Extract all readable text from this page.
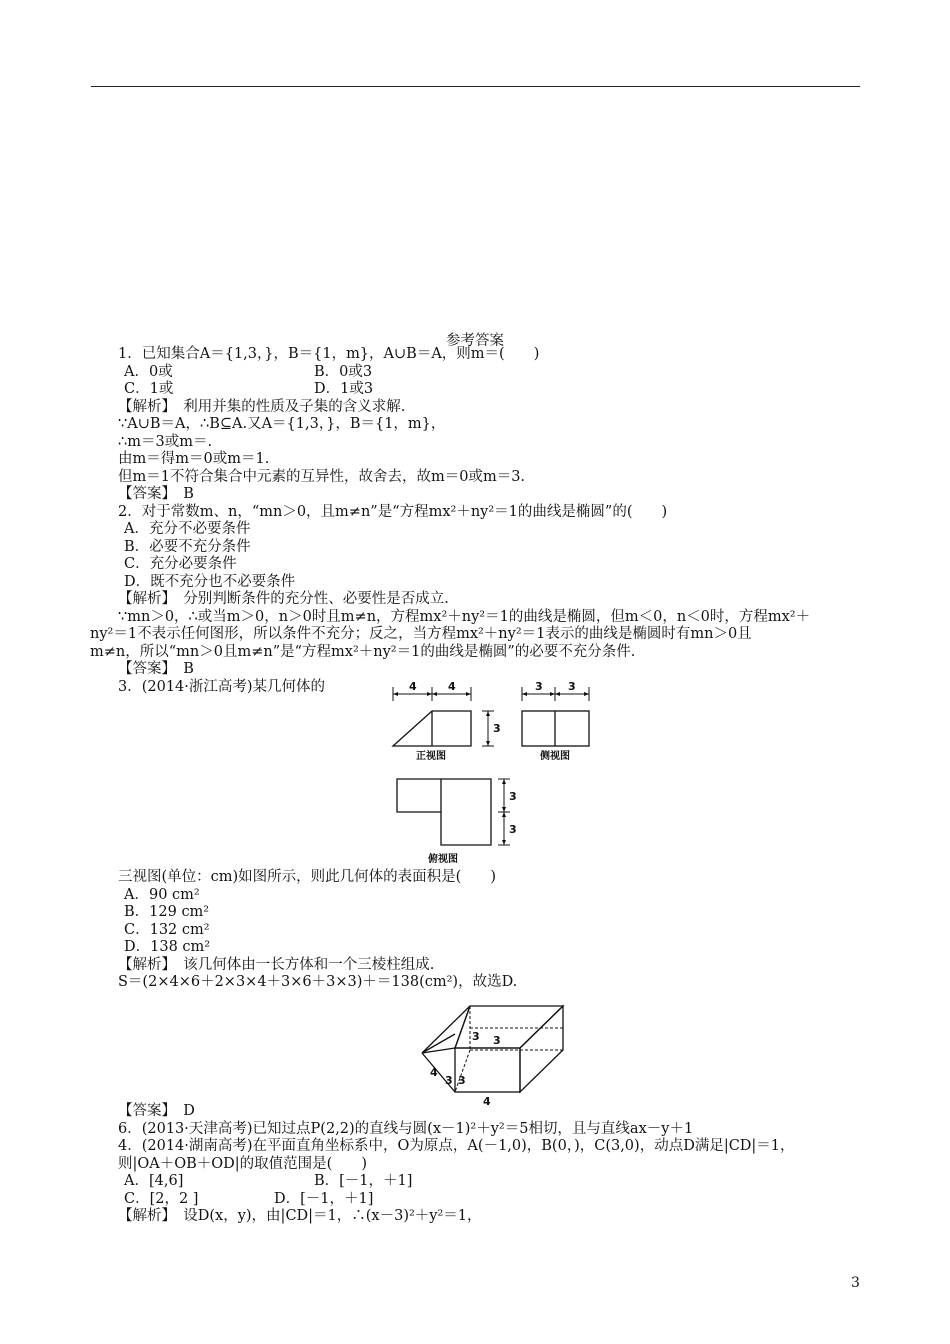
参考答案
1．已知集合A＝{1,3，}，B＝{1，m}，A∪B＝A，则m＝(　　)
A．0或	B．0或3
C．1或	D．1或3
【解析】　利用并集的性质及子集的含义求解.
∵A∪B＝A，∴B⊆A.又A＝{1,3，}，B＝{1，m}，
∴m＝3或m＝.
由m＝得m＝0或m＝1.
但m＝1不符合集合中元素的互异性，故舍去，故m＝0或m＝3.
【答案】　B
2．对于常数m、n，“mn＞0，且m≠n”是“方程mx²＋ny²＝1的曲线是椭圆”的(　　)
A．充分不必要条件
B．必要不充分条件
C．充分必要条件
D．既不充分也不必要条件
【解析】　分别判断条件的充分性、必要性是否成立.
∵mn＞0，∴或当m＞0，n＞0时且m≠n，方程mx²＋ny²＝1的曲线是椭圆，但m＜0，n＜0时，方程mx²＋
ny²＝1不表示任何图形，所以条件不充分；反之，当方程mx²＋ny²＝1表示的曲线是椭圆时有mn＞0且
m≠n，所以“mn＞0且m≠n”是“方程mx²＋ny²＝1的曲线是椭圆”的必要不充分条件.
【答案】　B
3．(2014·浙江高考)某几何体的	4	4
3
3 3
3
3
正视图	侧视图
俯视图
三视图(单位：cm)如图所示，则此几何体的表面积是(　　)
A．90 cm²
B．129 cm²
C．132 cm²
D．138 cm²
【解析】　该几何体由一长方体和一个三棱柱组成.
S＝(2×4×6＋2×3×4＋3×6＋3×3)＋＝138(cm²)，故选D.
3 3
4
3 3
4
【答案】　D
6．(2013·天津高考)已知过点P(2,2)的直线与圆(x－1)²＋y²＝5相切，且与直线ax－y＋1
4．(2014·湖南高考)在平面直角坐标系中，O为原点，A(－1,0)，B(0，)，C(3,0)，动点D满足|CD|＝1，
则|OA＋OB＋OD|的取值范围是(　　)
A．[4,6]	B．[－1，＋1]
C．[2，2 ]	D．[－1，＋1]
【解析】　设D(x，y)，由|CD|＝1，∴(x－3)²＋y²＝1，
3
